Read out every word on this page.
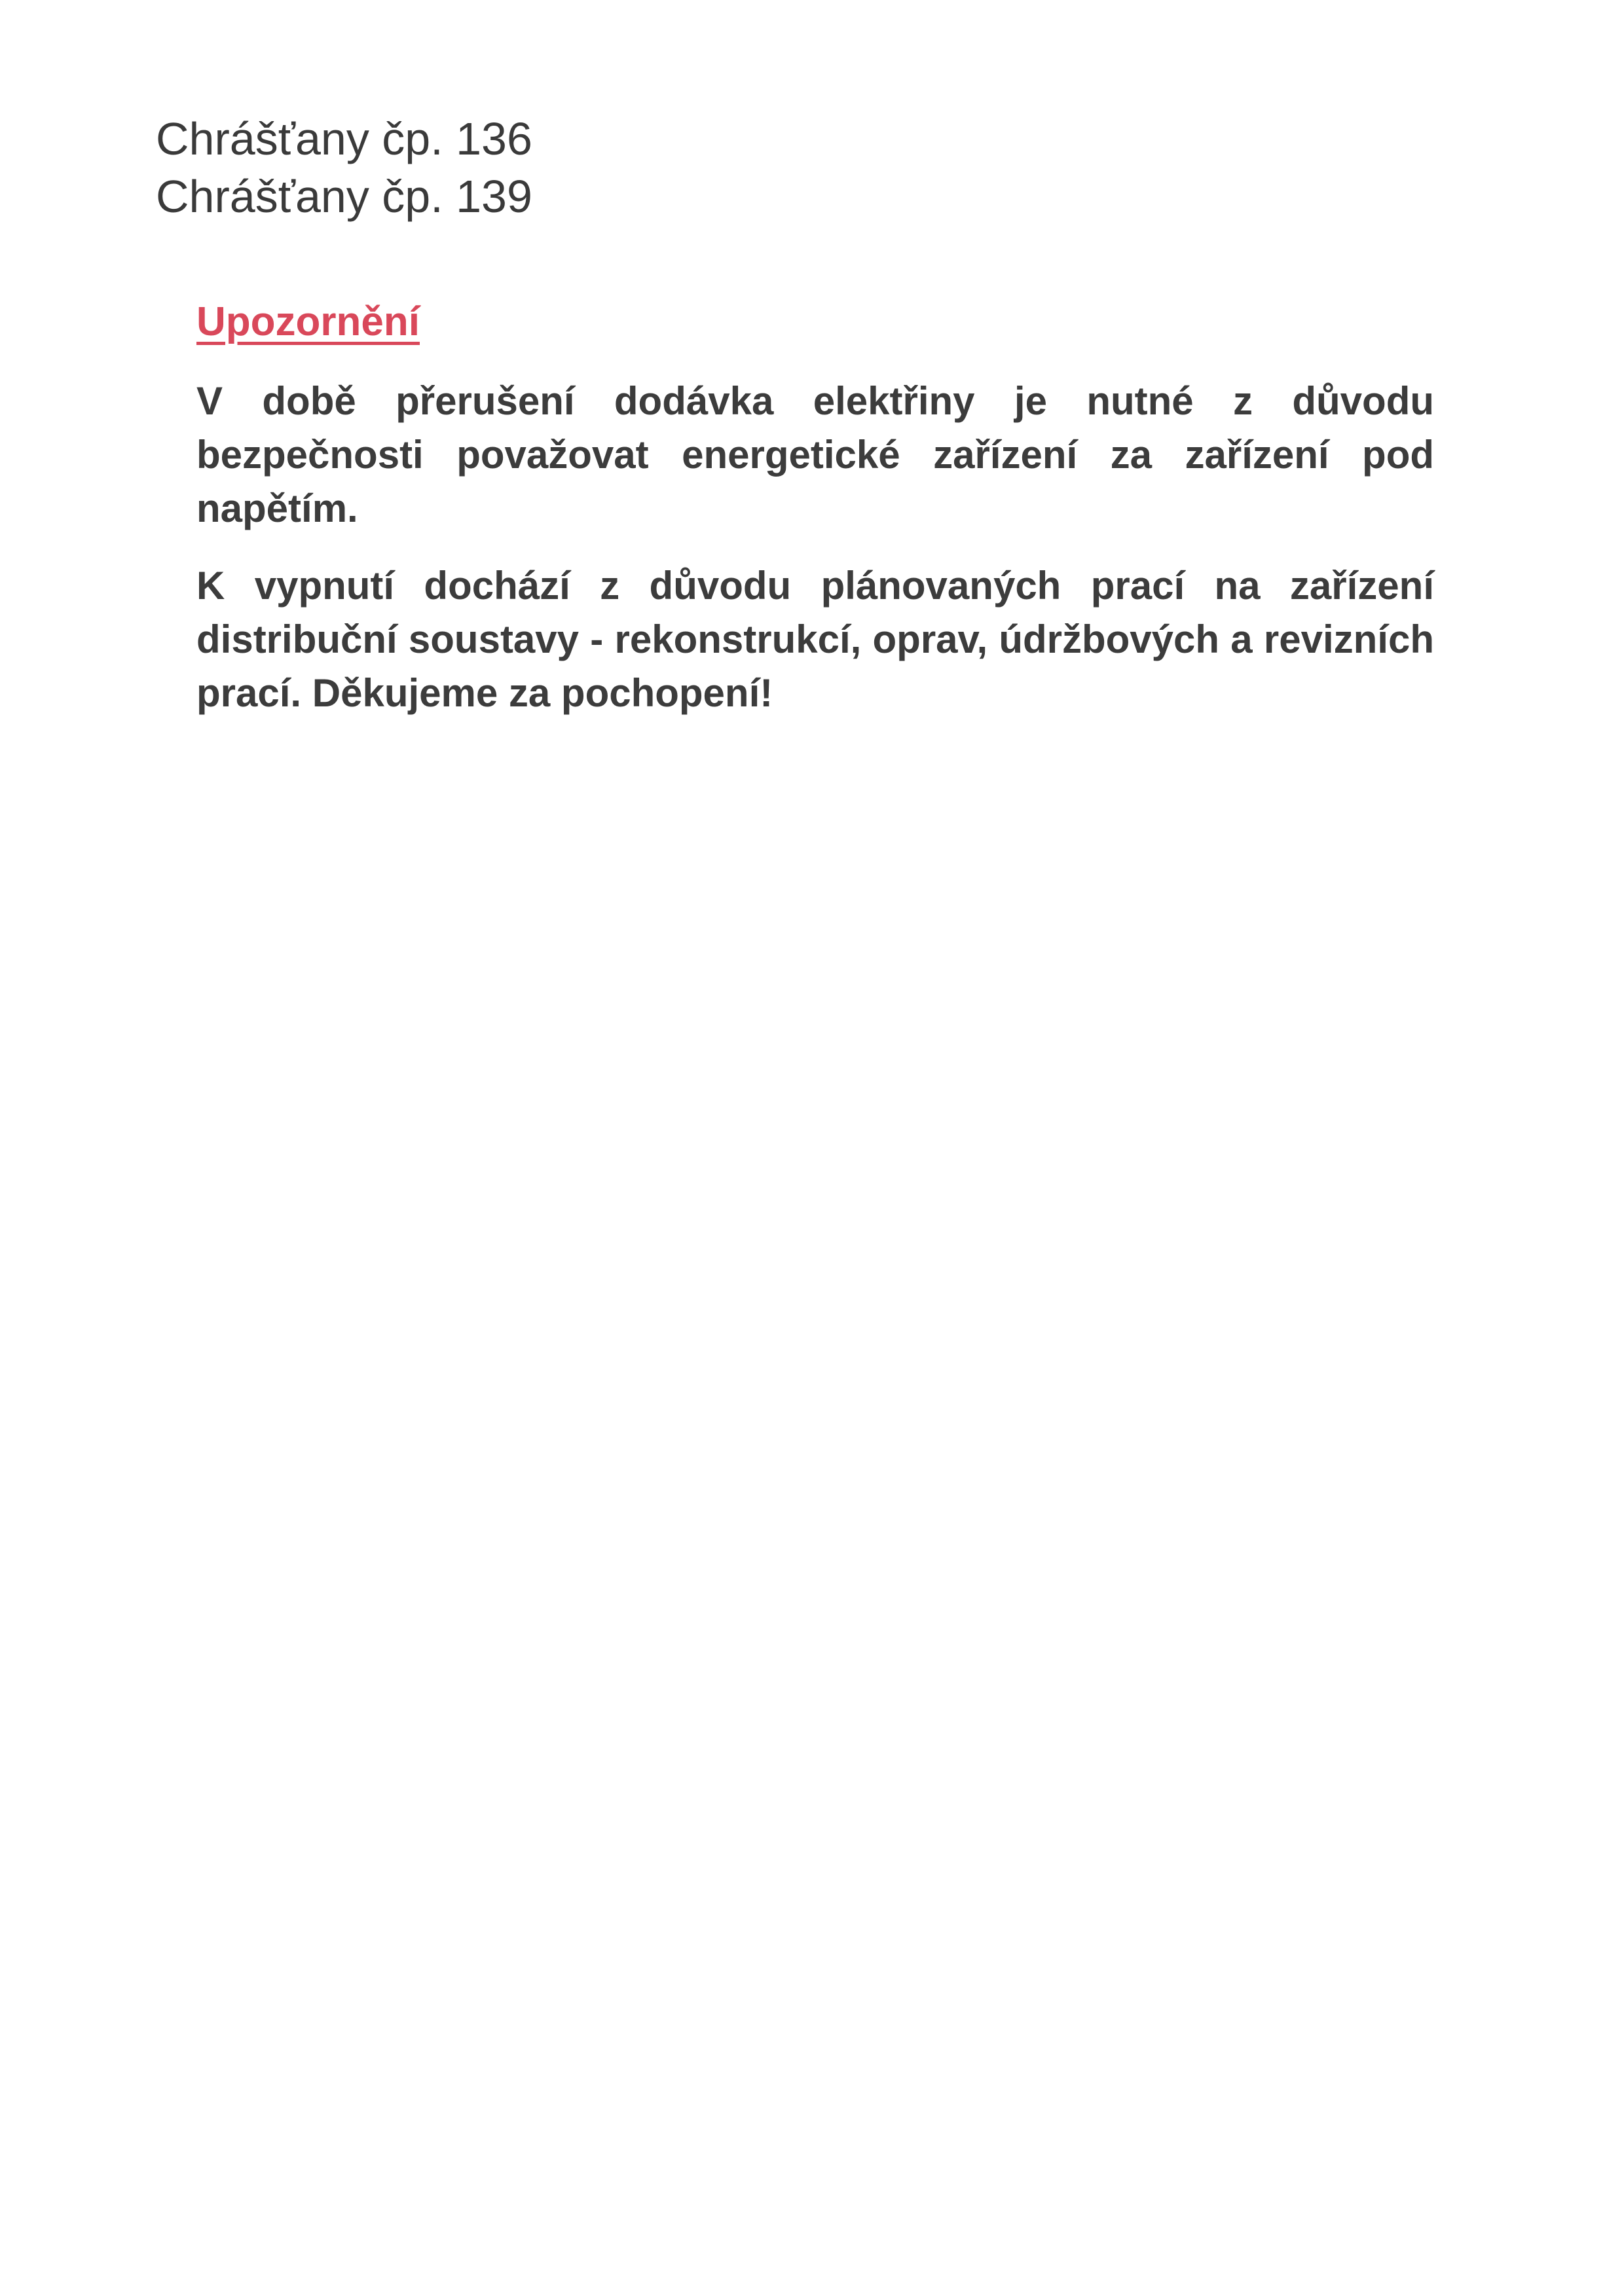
Chrášťany čp. 136
Chrášťany čp. 139
Upozornění

V době přerušení dodávka elektřiny je nutné z důvodu bezpečnosti považovat energetické zařízení za zařízení pod napětím.

K vypnutí dochází z důvodu plánovaných prací na zařízení distribuční soustavy - rekonstrukcí, oprav, údržbových a revizních prací. Děkujeme za pochopení!
